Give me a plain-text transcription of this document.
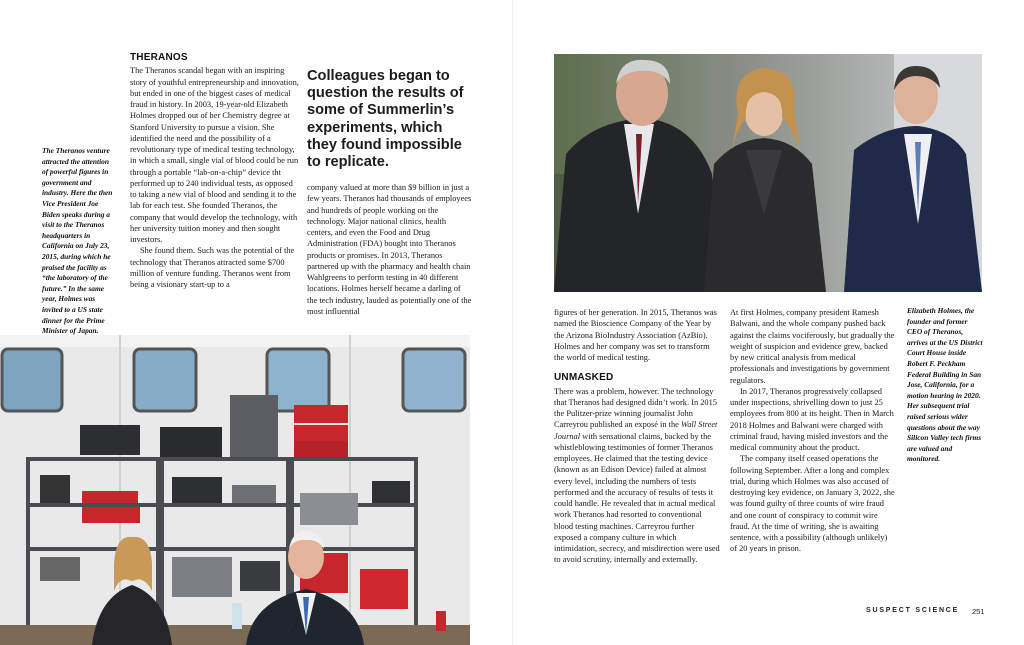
The Theranos venture attracted the attention of powerful figures in government and industry. Here the then Vice President Joe Biden speaks during a visit to the Theranos headquarters in California on July 23, 2015, during which he praised the facility as “the laboratory of the future.” In the same year, Holmes was invited to a US state dinner for the Prime Minister of Japan.
THERANOS

The Theranos scandal began with an inspiring story of youthful entrepreneurship and innovation, but ended in one of the biggest cases of medical fraud in history. In 2003, 19-year-old Elizabeth Holmes dropped out of her Chemistry degree at Stanford University to pursue a vision. She identified the need and the possibility of a revolutionary type of medical testing technology, in which a small, single vial of blood could be run through a portable “lab-on-a-chip” device tht performed up to 240 individual tests, as opposed to taking a new vial of blood and sending it to the lab for each test. She founded Theranos, the company that would develop the technology, with her university tuition money and then sought investors.

She found them. Such was the potential of the technology that Theranos attracted some $700 million of venture funding. Theranos went from being a visionary start-up to a

Colleagues began to question the results of some of Summerlin’s experiments, which they found impossible to replicate.

company valued at more than $9 billion in just a few years. Theranos had thousands of employees and hundreds of people working on the technology. Major national clinics, health centers, and even the Food and Drug Administration (FDA) bought into Theranos products or promises. In 2013, Theranos partnered up with the pharmacy and health chain Wahlgreens to perform testing in 40 different locations. Holmes herself became a darling of the tech industry, lauded as potentially one of the most influential	figures of her generation. In 2015, Theranos was named the Bioscience Company of the Year by the Arizona BioIndustry Association (AzBio). Holmes and her company was set to transform the world of medical testing.

UNMASKED

There was a problem, however. The technology that Theranos had designed didn’t work. In 2015 the Pulitzer-prize winning journalist John Carreyrou published an exposé in the Wall Street Journal with sensational claims, backed by the whistleblowing testimonies of former Theranos employees. He claimed that the testing device (known as an Edison Device) failed at almost every level, including the numbers of tests performed and the accuracy of results of tests it could handle. He revealed that in actual medical work Theranos had resorted to conventional blood testing machines. Carreyrou further exposed a company culture in which intimidation, secrecy, and misdirection were used to avoid scrutiny, internally and externally.

At first Holmes, company president Ramesh Balwani, and the whole company pushed back against the claims vociferously, but gradually the weight of suspicion and evidence grew, backed by new critical analysis from medical professionals and investigations by government regulators.

In 2017, Theranos progressively collapsed under inspections, shrivelling down to just 25 employees from 800 at its height. Then in March 2018 Holmes and Balwani were charged with criminal fraud, having misled investors and the medical community about the product.

The company itself ceased operations the following September. After a long and complex trial, during which Holmes was also accused of destroying key evidence, on January 3, 2022, she was found guilty of three counts of wire fraud and one count of conspiracy to commit wire fraud. At the time of writing, she is awaiting sentence, with a possibility (although unlikely) of 20 years in prison.

Elizabeth Holmes, the founder and former CEO of Theranos, arrives at the US District Court House inside Robert F. Peckham Federal Building in San Jose, California, for a motion hearing in 2020. Her subsequent trial raised serious wider questions about the way Silicon Valley tech firms are valued and monitored.
SUSPECT SCIENCE 251
